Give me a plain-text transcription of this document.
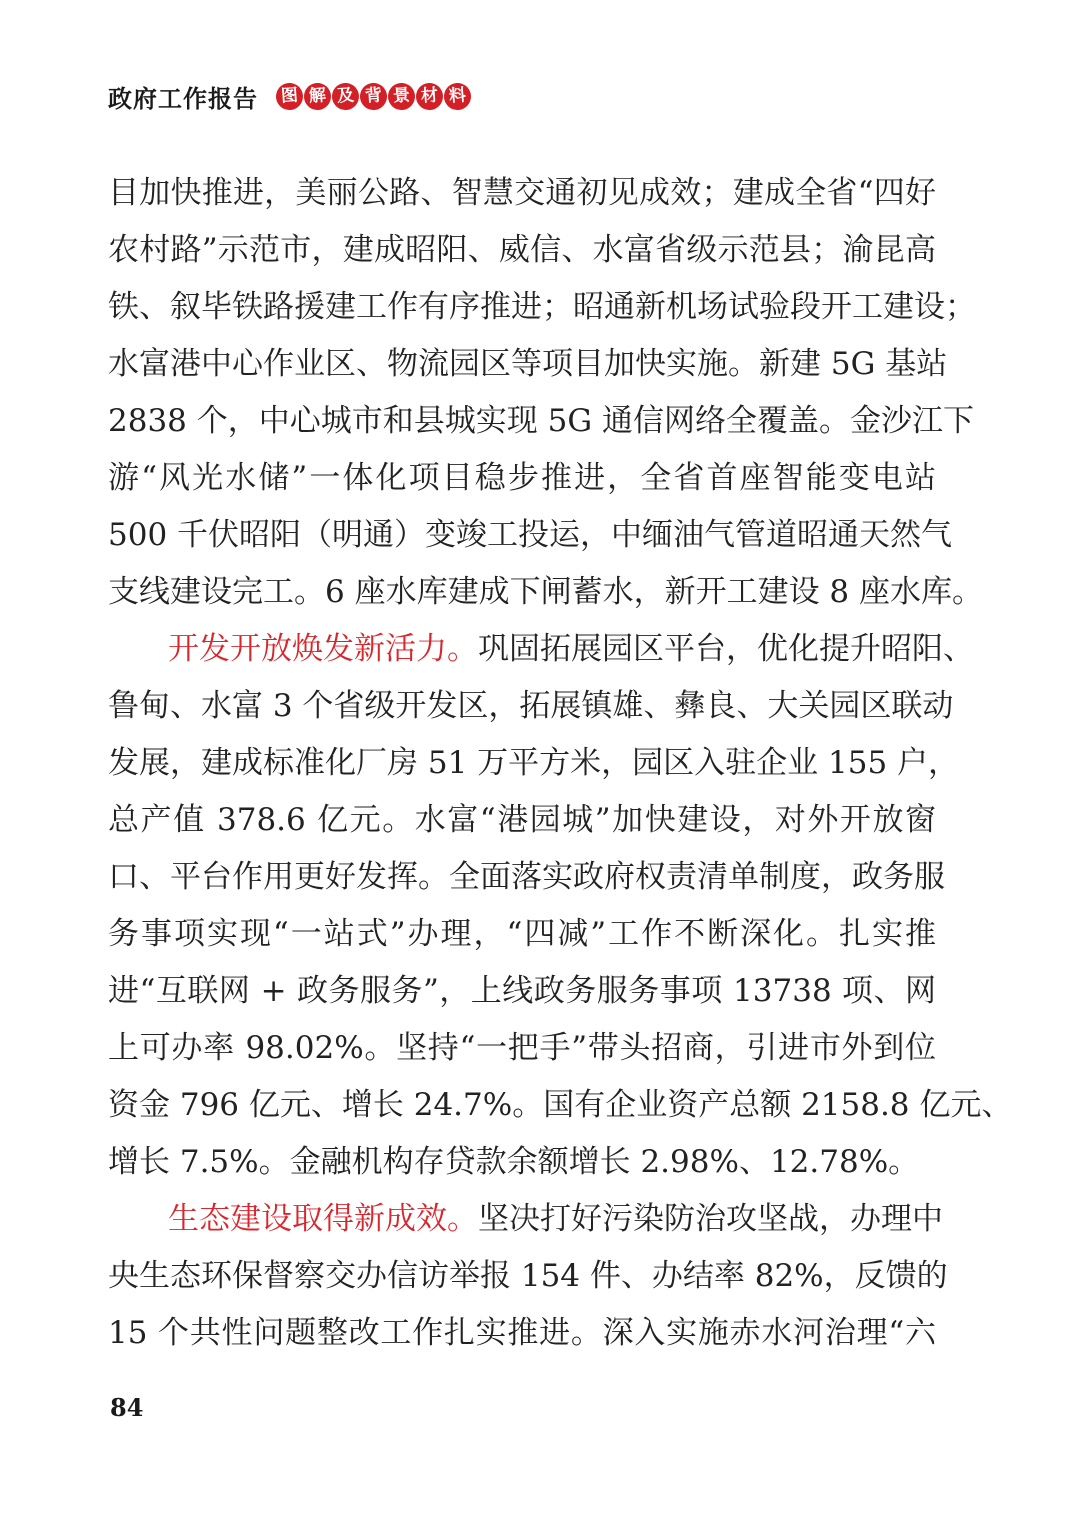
政府工作报告	图 解 及 背 景 材 料
目加快推进，美丽公路、智慧交通初见成效；建成全省“四好
农村路”示范市，建成昭阳、威信、水富省级示范县；渝昆高
铁、叙毕铁路援建工作有序推进；昭通新机场试验段开工建设；
水富港中心作业区、物流园区等项目加快实施。新建 5G 基站
2838 个，中心城市和县城实现 5G 通信网络全覆盖。金沙江下
游“风光水储”一体化项目稳步推进，全省首座智能变电站
500 千伏昭阳（明通）变竣工投运，中缅油气管道昭通天然气
支线建设完工。6 座水库建成下闸蓄水，新开工建设 8 座水库。
开发开放焕发新活力。巩固拓展园区平台，优化提升昭阳、
鲁甸、水富 3 个省级开发区，拓展镇雄、彝良、大关园区联动
发展，建成标准化厂房 51 万平方米，园区入驻企业 155 户，
总产值 378.6 亿元。水富“港园城”加快建设，对外开放窗
口、平台作用更好发挥。全面落实政府权责清单制度，政务服
务事项实现“一站式”办理，“四减”工作不断深化。扎实推
进“互联网 + 政务服务”，上线政务服务事项 13738 项、网
上可办率 98.02%。坚持“一把手”带头招商，引进市外到位
资金 796 亿元、增长 24.7%。国有企业资产总额 2158.8 亿元、
增长 7.5%。金融机构存贷款余额增长 2.98%、12.78%。
生态建设取得新成效。坚决打好污染防治攻坚战，办理中
央生态环保督察交办信访举报 154 件、办结率 82%，反馈的
15 个共性问题整改工作扎实推进。深入实施赤水河治理“六
84
